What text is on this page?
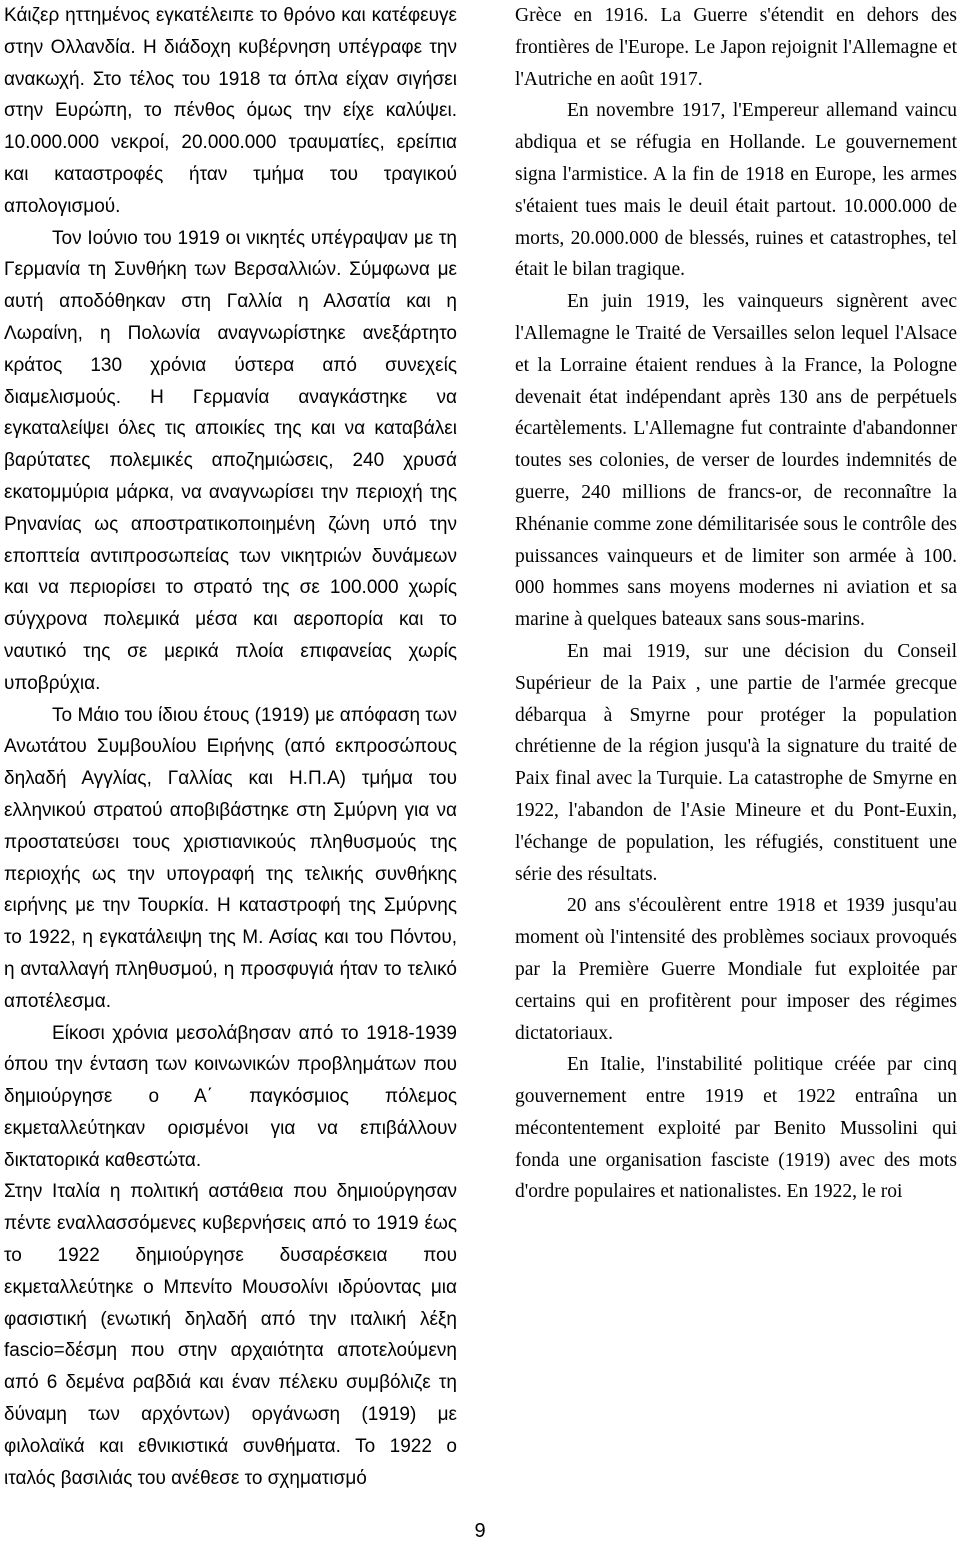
Κάιζερ ηττημένος εγκατέλειπε το θρόνο και κατέφευγε στην Ολλανδία. Η διάδοχη κυβέρνηση υπέγραφε την ανακωχή. Στο τέλος του 1918 τα όπλα είχαν σιγήσει στην Ευρώπη, το πένθος όμως την είχε καλύψει. 10.000.000 νεκροί, 20.000.000 τραυματίες, ερείπια και καταστροφές ήταν τμήμα του τραγικού απολογισμού.

Τον Ιούνιο του 1919 οι νικητές υπέγραψαν με τη Γερμανία τη Συνθήκη των Βερσαλλιών. Σύμφωνα με αυτή αποδόθηκαν στη Γαλλία η Αλσατία και η Λωραίνη, η Πολωνία αναγνωρίστηκε ανεξάρτητο κράτος 130 χρόνια ύστερα από συνεχείς διαμελισμούς. Η Γερμανία αναγκάστηκε να εγκαταλείψει όλες τις αποικίες της και να καταβάλει βαρύτατες πολεμικές αποζημιώσεις, 240 χρυσά εκατομμύρια μάρκα, να αναγνωρίσει την περιοχή της Ρηνανίας ως αποστρατικοποιημένη ζώνη υπό την εποπτεία αντιπροσωπείας των νικητριών δυνάμεων και να περιορίσει το στρατό της σε 100.000 χωρίς σύγχρονα πολεμικά μέσα και αεροπορία και το ναυτικό της σε μερικά πλοία επιφανείας χωρίς υποβρύχια.

Το Μάιο του ίδιου έτους (1919) με απόφαση των Ανωτάτου Συμβουλίου Ειρήνης (από εκπροσώπους δηλαδή Αγγλίας, Γαλλίας και Η.Π.Α) τμήμα του ελληνικού στρατού αποβιβάστηκε στη Σμύρνη για να προστατεύσει τους χριστιανικούς πληθυσμούς της περιοχής ως την υπογραφή της τελικής συνθήκης ειρήνης με την Τουρκία. Η καταστροφή της Σμύρνης το 1922, η εγκατάλειψη της Μ. Ασίας και του Πόντου, η ανταλλαγή πληθυσμού, η προσφυγιά ήταν το τελικό αποτέλεσμα.

Είκοσι χρόνια μεσολάβησαν από το 1918-1939 όπου την ένταση των κοινωνικών προβλημάτων που δημιούργησε ο Α΄ παγκόσμιος πόλεμος εκμεταλλεύτηκαν ορισμένοι για να επιβάλλουν δικτατορικά καθεστώτα.

Στην Ιταλία η πολιτική αστάθεια που δημιούργησαν πέντε εναλλασσόμενες κυβερνήσεις από το 1919 έως το 1922 δημιούργησε δυσαρέσκεια που εκμεταλλεύτηκε ο Μπενίτο Μουσολίνι ιδρύοντας μια φασιστική (ενωτική δηλαδή από την ιταλική λέξη fascio=δέσμη που στην αρχαιότητα αποτελούμενη από 6 δεμένα ραβδιά και έναν πέλεκυ συμβόλιζε τη δύναμη των αρχόντων) οργάνωση (1919) με φιλολαϊκά και εθνικιστικά συνθήματα. Το 1922 ο ιταλός βασιλιάς του ανέθεσε το σχηματισμό

Grèce en 1916. La Guerre s'étendit en dehors des frontières de l'Europe. Le Japon rejoignit l'Allemagne et l'Autriche en août 1917.

En novembre 1917, l'Empereur allemand vaincu abdiqua et se réfugia en Hollande. Le gouvernement signa l'armistice. A la fin de 1918 en Europe, les armes s'étaient tues mais le deuil était partout. 10.000.000 de morts, 20.000.000 de blessés, ruines et catastrophes, tel était le bilan tragique.

En juin 1919, les vainqueurs signèrent avec l'Allemagne le Traité de Versailles selon lequel l'Alsace et la Lorraine étaient rendues à la France, la Pologne devenait état indépendant après 130 ans de perpétuels écartèlements. L'Allemagne fut contrainte d'abandonner toutes ses colonies, de verser de lourdes indemnités de guerre, 240 millions de francs-or, de reconnaître la Rhénanie comme zone démilitarisée sous le contrôle des puissances vainqueurs et de limiter son armée à 100. 000 hommes sans moyens modernes ni aviation et sa marine à quelques bateaux sans sous-marins.

En mai 1919, sur une décision du Conseil Supérieur de la Paix , une partie de l'armée grecque débarqua à Smyrne pour protéger la population chrétienne de la région jusqu'à la signature du traité de Paix final avec la Turquie. La catastrophe de Smyrne en 1922, l'abandon de l'Asie Mineure et du Pont-Euxin, l'échange de population, les réfugiés, constituent une série des résultats.

20 ans s'écoulèrent entre 1918 et 1939 jusqu'au moment où l'intensité des problèmes sociaux provoqués par la Première Guerre Mondiale fut exploitée par certains qui en profitèrent pour imposer des régimes dictatoriaux.

En Italie, l'instabilité politique créée par cinq gouvernement entre 1919 et 1922 entraîna un mécontentement exploité par Benito Mussolini qui fonda une organisation fasciste (1919) avec des mots d'ordre populaires et nationalistes. En 1922, le roi

9
